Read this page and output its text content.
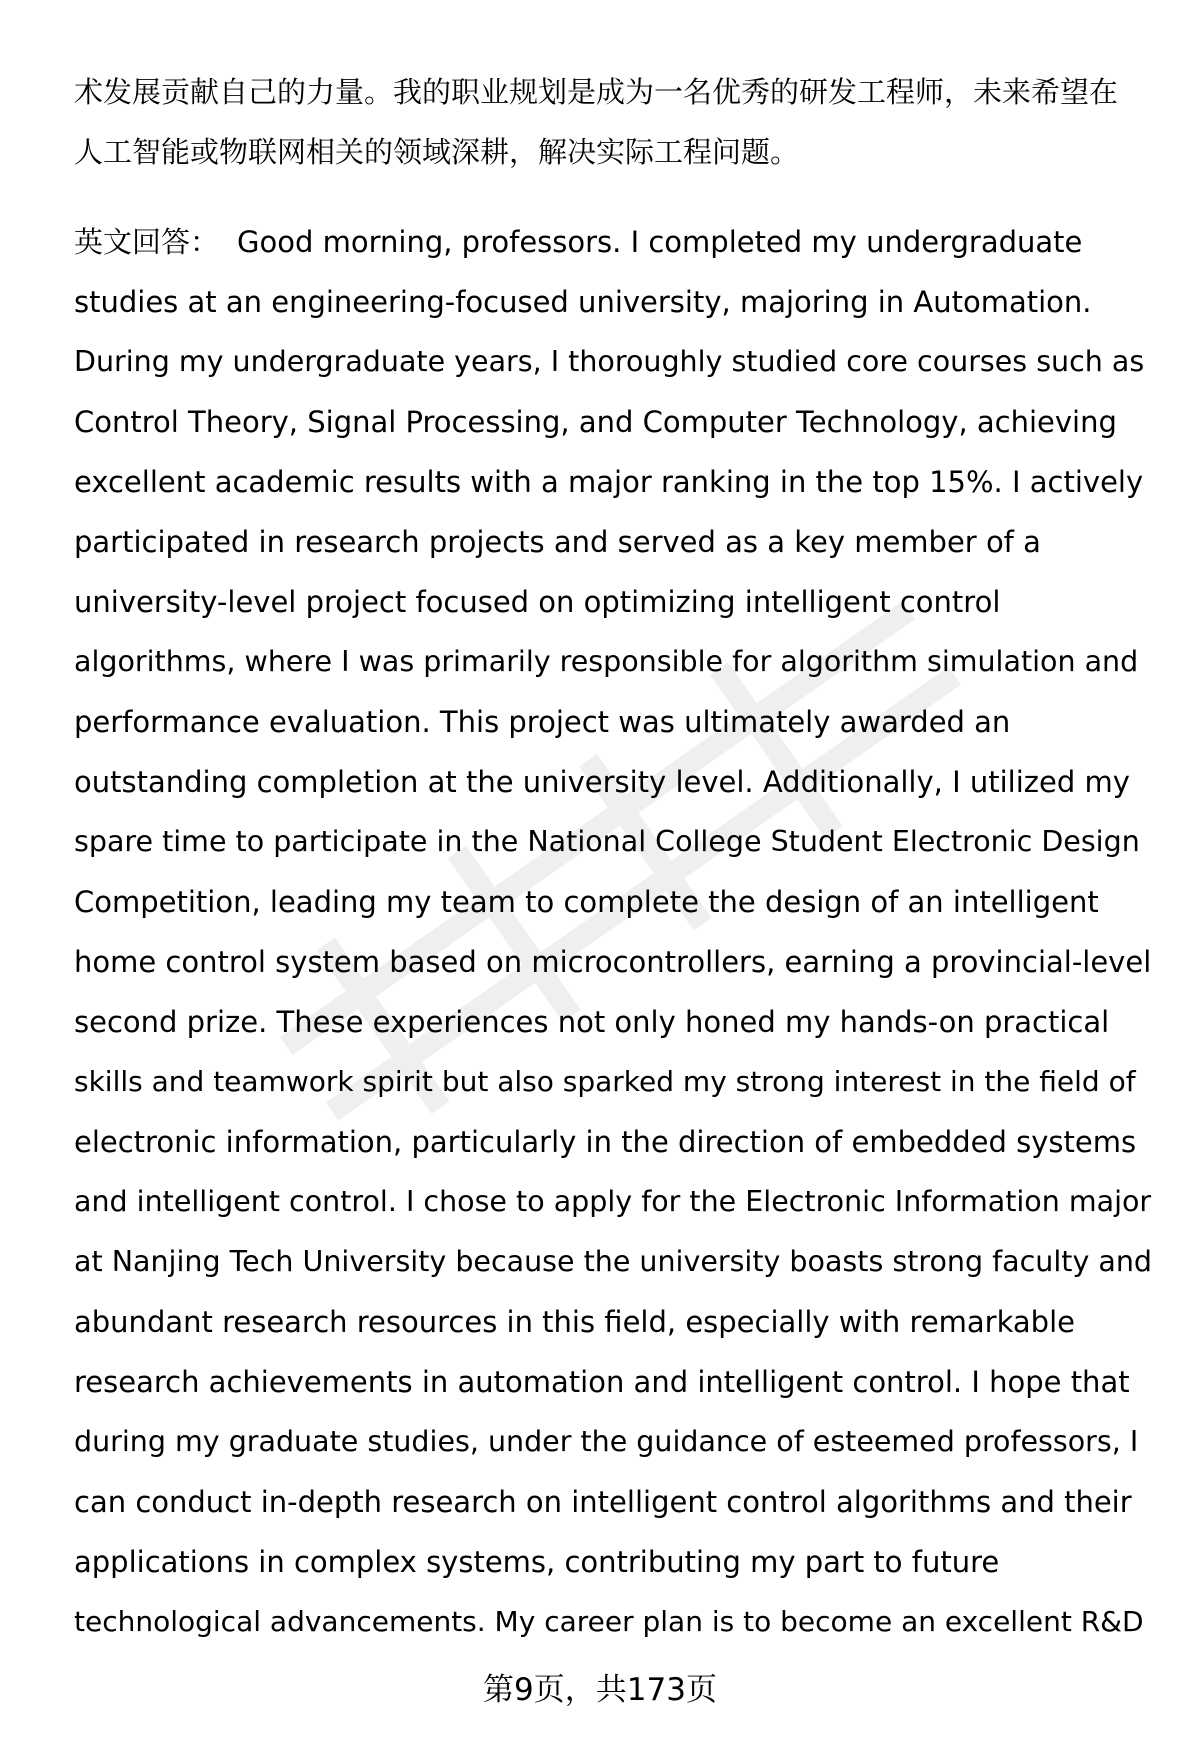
术发展贡献自己的力量。我的职业规划是成为一名优秀的研发工程师，未来希望在
人工智能或物联网相关的领域深耕，解决实际工程问题。
英文回答： Good morning, professors. I completed my undergraduate
studies at an engineering-focused university, majoring in Automation.
During my undergraduate years, I thoroughly studied core courses such as
Control Theory, Signal Processing, and Computer Technology, achieving
excellent academic results with a major ranking in the top 15%. I actively
participated in research projects and served as a key member of a
university-level project focused on optimizing intelligent control
algorithms, where I was primarily responsible for algorithm simulation and
performance evaluation. This project was ultimately awarded an
outstanding completion at the university level. Additionally, I utilized my
spare time to participate in the National College Student Electronic Design
Competition, leading my team to complete the design of an intelligent
home control system based on microcontrollers, earning a provincial-level
second prize. These experiences not only honed my hands-on practical
skills and teamwork spirit but also sparked my strong interest in the field of
electronic information, particularly in the direction of embedded systems
and intelligent control. I chose to apply for the Electronic Information major
at Nanjing Tech University because the university boasts strong faculty and
abundant research resources in this field, especially with remarkable
research achievements in automation and intelligent control. I hope that
during my graduate studies, under the guidance of esteemed professors, I
can conduct in-depth research on intelligent control algorithms and their
applications in complex systems, contributing my part to future
technological advancements. My career plan is to become an excellent R&D
第9页，共173页
